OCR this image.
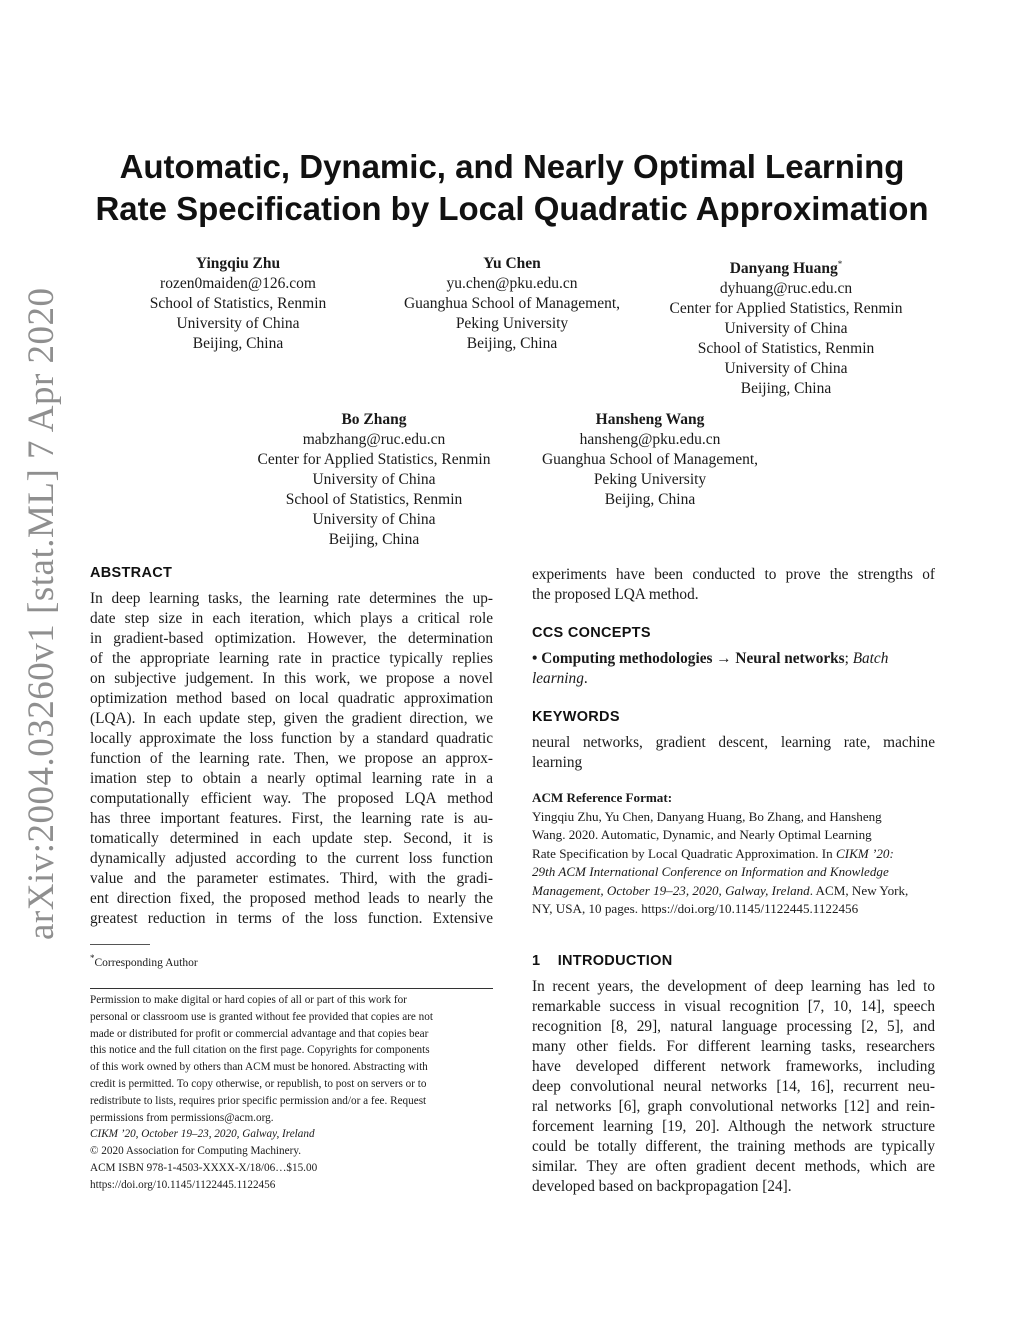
arXiv:2004.03260v1 [stat.ML] 7 Apr 2020
Automatic, Dynamic, and Nearly Optimal Learning
Rate Specification by Local Quadratic Approximation
Yingqiu Zhu
rozen0maiden@126.com
School of Statistics, Renmin
University of China
Beijing, China
Yu Chen
yu.chen@pku.edu.cn
Guanghua School of Management,
Peking University
Beijing, China
Danyang Huang*
dyhuang@ruc.edu.cn
Center for Applied Statistics, Renmin
University of China
School of Statistics, Renmin
University of China
Beijing, China
Bo Zhang
mabzhang@ruc.edu.cn
Center for Applied Statistics, Renmin
University of China
School of Statistics, Renmin
University of China
Beijing, China
Hansheng Wang
hansheng@pku.edu.cn
Guanghua School of Management,
Peking University
Beijing, China
ABSTRACT
In deep learning tasks, the learning rate determines the up-
date step size in each iteration, which plays a critical role
in gradient-based optimization. However, the determination
of the appropriate learning rate in practice typically replies
on subjective judgement. In this work, we propose a novel
optimization method based on local quadratic approximation
(LQA). In each update step, given the gradient direction, we
locally approximate the loss function by a standard quadratic
function of the learning rate. Then, we propose an approx-
imation step to obtain a nearly optimal learning rate in a
computationally efficient way. The proposed LQA method
has three important features. First, the learning rate is au-
tomatically determined in each update step. Second, it is
dynamically adjusted according to the current loss function
value and the parameter estimates. Third, with the gradi-
ent direction fixed, the proposed method leads to nearly the
greatest reduction in terms of the loss function. Extensive
*Corresponding Author
Permission to make digital or hard copies of all or part of this work for
personal or classroom use is granted without fee provided that copies are not
made or distributed for profit or commercial advantage and that copies bear
this notice and the full citation on the first page. Copyrights for components
of this work owned by others than ACM must be honored. Abstracting with
credit is permitted. To copy otherwise, or republish, to post on servers or to
redistribute to lists, requires prior specific permission and/or a fee. Request
permissions from permissions@acm.org.
CIKM ’20, October 19–23, 2020, Galway, Ireland
© 2020 Association for Computing Machinery.
ACM ISBN 978-1-4503-XXXX-X/18/06…$15.00
https://doi.org/10.1145/1122445.1122456
experiments have been conducted to prove the strengths of
the proposed LQA method.
CCS CONCEPTS
• Computing methodologies → Neural networks; Batch
learning.
KEYWORDS
neural networks, gradient descent, learning rate, machine
learning
ACM Reference Format:
Yingqiu Zhu, Yu Chen, Danyang Huang, Bo Zhang, and Hansheng
Wang. 2020. Automatic, Dynamic, and Nearly Optimal Learning
Rate Specification by Local Quadratic Approximation. In CIKM ’20:
29th ACM International Conference on Information and Knowledge
Management, October 19–23, 2020, Galway, Ireland. ACM, New York,
NY, USA, 10 pages. https://doi.org/10.1145/1122445.1122456
1 INTRODUCTION
In recent years, the development of deep learning has led to
remarkable success in visual recognition [7, 10, 14], speech
recognition [8, 29], natural language processing [2, 5], and
many other fields. For different learning tasks, researchers
have developed different network frameworks, including
deep convolutional neural networks [14, 16], recurrent neu-
ral networks [6], graph convolutional networks [12] and rein-
forcement learning [19, 20]. Although the network structure
could be totally different, the training methods are typically
similar. They are often gradient decent methods, which are
developed based on backpropagation [24].
